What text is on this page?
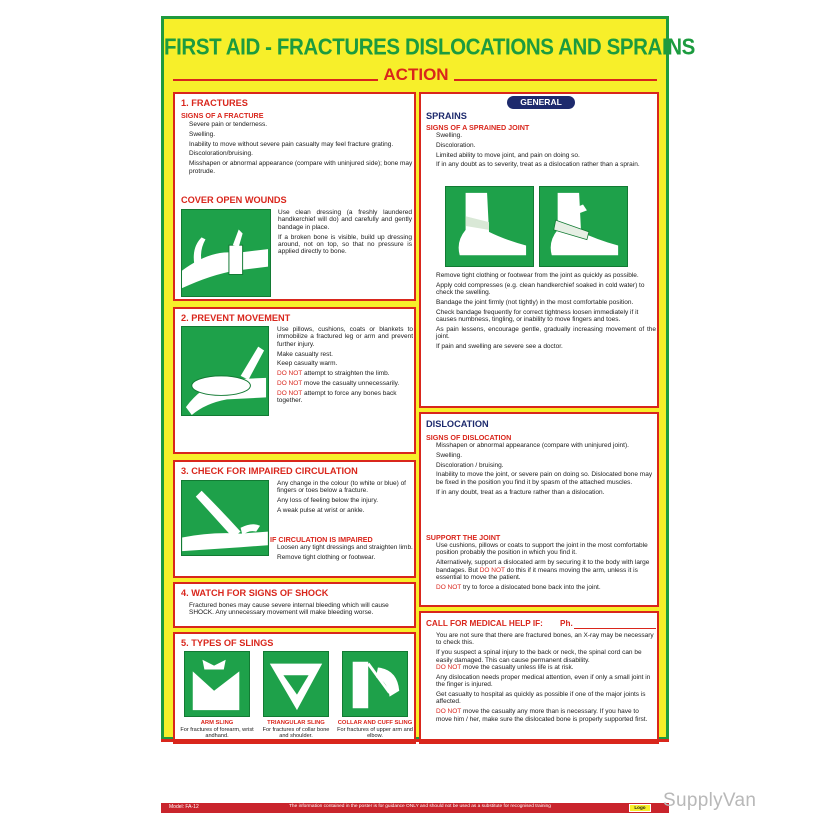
FIRST AID - FRACTURES DISLOCATIONS AND SPRAINS
ACTION
1. FRACTURES
SIGNS OF A FRACTURE
Severe pain or tenderness.
Swelling.
Inability to move without severe pain casualty may feel fracture grating.
Discoloration/bruising.
Misshapen or abnormal appearance (compare with uninjured side); bone may protrude.
COVER OPEN WOUNDS
Use clean dressing (a freshly laundered handkerchief will do) and carefully and gently bandage in place.
If a broken bone is visible, build up dressing around, not on top, so that no pressure is applied directly to bone.
2. PREVENT MOVEMENT
Use pillows, cushions, coats or blankets to immobilize a fractured leg or arm and prevent further injury.
Make casualty rest.
Keep casualty warm.
DO NOT attempt to straighten the limb.
DO NOT move the casualty unnecessarily.
DO NOT attempt to force any bones back together.
3. CHECK FOR IMPAIRED CIRCULATION
Any change in the colour (to white or blue) of fingers or toes below a fracture.
Any loss of feeling below the injury.
A weak pulse at wrist or ankle.
IF CIRCULATION IS IMPAIRED
Loosen any tight dressings and straighten limb.
Remove tight clothing or footwear.
4. WATCH FOR SIGNS OF SHOCK
Fractured bones may cause severe internal bleeding which will cause SHOCK. Any unnecessary movement will make bleeding worse.
5. TYPES OF SLINGS
ARM SLING
For fractures of forearm, wrist andhand.
TRIANGULAR SLING
For fractures of collar bone and shoulder.
COLLAR AND CUFF SLING
For fractures of upper arm and elbow.
GENERAL
SPRAINS
SIGNS OF A SPRAINED JOINT
Swelling.
Discoloration.
Limited ability to move joint, and pain on doing so.
If in any doubt as to severity, treat as a dislocation rather than a sprain.
Remove tight clothing or footwear from the joint as quickly as possible.
Apply cold compresses (e.g. clean handkerchief soaked in cold water) to check the swelling.
Bandage the joint firmly (not tightly) in the most comfortable position.
Check bandage frequently for correct tightness loosen immediately if it causes numbness, tingling, or inability to move fingers and toes.
As pain lessens, encourage gentle, gradually increasing movement of the joint.
If pain and swelling are severe see a doctor.
DISLOCATION
SIGNS OF DISLOCATION
Misshapen or abnormal appearance (compare with uninjured joint).
Swelling.
Discoloration / bruising.
Inability to move the joint, or severe pain on doing so. Dislocated bone may be fixed in the position you find it by spasm of the attached muscles.
If in any doubt, treat as a fracture rather than a dislocation.
SUPPORT THE JOINT
Use cushions, pillows or coats to support the joint in the most comfortable position probably the position in which you find it.
Alternatively, support a dislocated arm by securing it to the body with large bandages. But DO NOT do this if it means moving the arm, unless it is essential to move the patient.
DO NOT try to force a dislocated bone back into the joint.
CALL FOR MEDICAL HELP IF: Ph.
You are not sure that there are fractured bones, an X-ray may be necessary to check this.
If you suspect a spinal injury to the back or neck, the spinal cord can be easily damaged. This can cause permanent disability.
DO NOT move the casualty unless life is at risk.
Any dislocation needs proper medical attention, even if only a small joint in the finger is injured.
Get casualty to hospital as quickly as possible if one of the major joints is affected.
DO NOT move the casualty any more than is necessary. If you have to move him / her, make sure the dislocated bone is properly supported first.
Model: FA-12	The information contained in the poster is for guidance ONLY and should not be used as a substitute for recognised training	Logo SupplyVan
